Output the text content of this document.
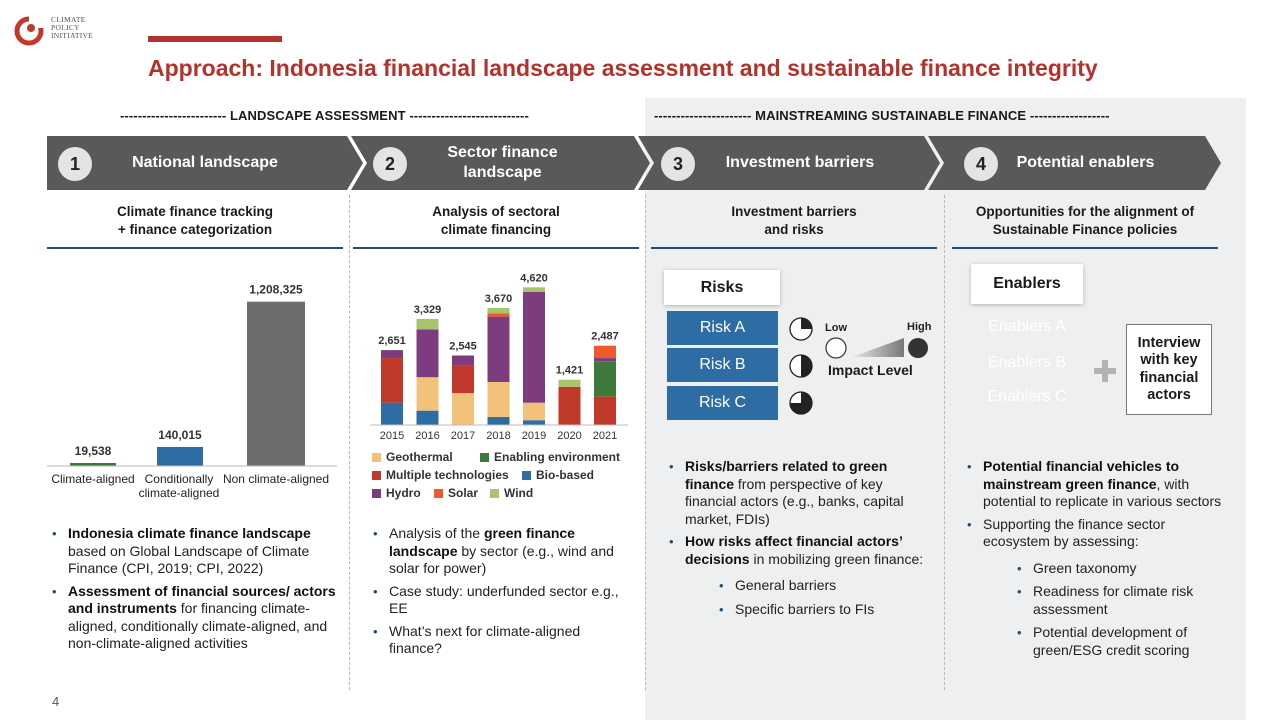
CLIMATE
POLICY
INITIATIVE
Approach: Indonesia financial landscape assessment and sustainable finance integrity
------------------------ LANDSCAPE ASSESSMENT ---------------------------	---------------------- MAINSTREAMING SUSTAINABLE FINANCE ------------------
1	National landscape	2
Sector finance
landscape	3	Investment barriers	4	Potential enablers
Climate finance tracking
+ finance categorization
Analysis of sectoral
climate financing
Investment barriers
and risks
Opportunities for the alignment of
Sustainable Finance policies
19,538
140,015
1,208,325
Climate-aligned Conditionally climate-aligned
Non climate-aligned
2,651
2015
3,329
2016
2,545
2017
3,670
2018
4,620
2019
1,421
2020
2,487
2021
Geothermal	Enabling environment
Multiple technologies Bio-based
Hydro Solar Wind
• Indonesia climate finance landscape based on Global Landscape of Climate Finance (CPI, 2019; CPI, 2022)
• Assessment of financial sources/ actors and instruments for financing climate-aligned, conditionally climate-aligned, and non-climate-aligned activities
• Analysis of the green finance landscape by sector (e.g., wind and solar for power)
• Case study: underfunded sector e.g., EE
• What’s next for climate-aligned finance?
Risks
Risk A
Risk B
Risk C
Low	High
Impact Level
• Risks/barriers related to green finance from perspective of key financial actors (e.g., banks, capital market, FDIs)
• How risks affect financial actors’ decisions in mobilizing green finance:
• General barriers
• Specific barriers to FIs
Enablers
Enablers A
Enablers B
Enablers C
Interview with key financial actors
• Potential financial vehicles to mainstream green finance, with potential to replicate in various sectors
• Supporting the finance sector ecosystem by assessing:
• Green taxonomy
• Readiness for climate risk assessment
• Potential development of green/ESG credit scoring
4
